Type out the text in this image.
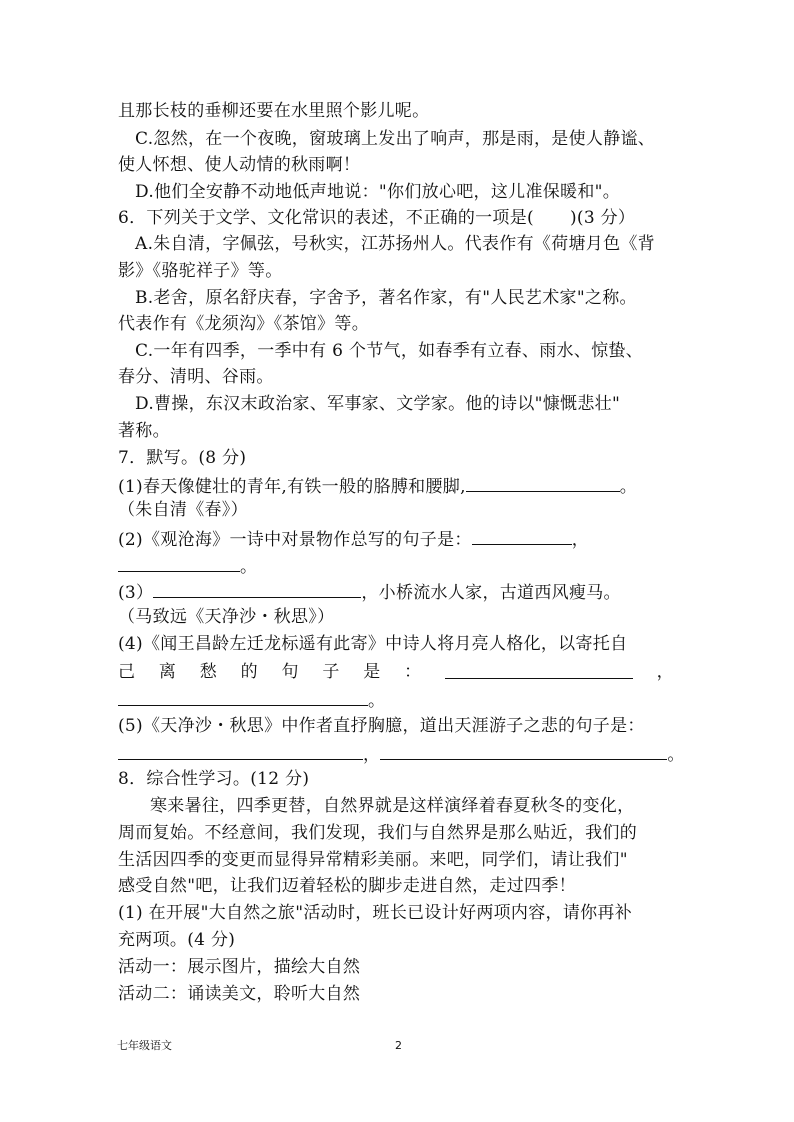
且那长枝的垂柳还要在水里照个影儿呢。
C.忽然，在一个夜晚，窗玻璃上发出了响声，那是雨，是使人静谧、
使人怀想、使人动情的秋雨啊！
D.他们全安静不动地低声地说："你们放心吧，这儿准保暖和"。
6．下列关于文学、文化常识的表述，不正确的一项是( )(3 分）
A.朱自清，字佩弦，号秋实，江苏扬州人。代表作有《荷塘月色《背
影》《骆驼祥子》等。
B.老舍，原名舒庆春，字舍予，著名作家，有"人民艺术家"之称。
代表作有《龙须沟》《茶馆》等。
C.一年有四季，一季中有 6 个节气，如春季有立春、雨水、惊蛰、
春分、清明、谷雨。
D.曹操，东汉末政治家、军事家、文学家。他的诗以"慷慨悲壮"
著称。
7．默写。(8 分)
(1)春天像健壮的青年,有铁一般的胳膊和腰脚,	。
（朱自清《春》）
(2)《观沧海》一诗中对景物作总写的句子是：	，
。
(3）	，小桥流水人家，古道西风瘦马。
（马致远《天净沙・秋思》）
(4)《闻王昌龄左迁龙标遥有此寄》中诗人将月亮人格化，以寄托自
己 离 愁 的 句 子 是 ：	，
。
(5)《天净沙・秋思》中作者直抒胸臆，道出天涯游子之悲的句子是：
，	。
8．综合性学习。(12 分)
寒来暑往，四季更替，自然界就是这样演绎着春夏秋冬的变化，
周而复始。不经意间，我们发现，我们与自然界是那么贴近，我们的
生活因四季的变更而显得异常精彩美丽。来吧，同学们，请让我们"
感受自然"吧，让我们迈着轻松的脚步走进自然，走过四季！
(1) 在开展"大自然之旅"活动时，班长已设计好两项内容，请你再补
充两项。(4 分)
活动一：展示图片，描绘大自然
活动二：诵读美文，聆听大自然
七年级语文	2
